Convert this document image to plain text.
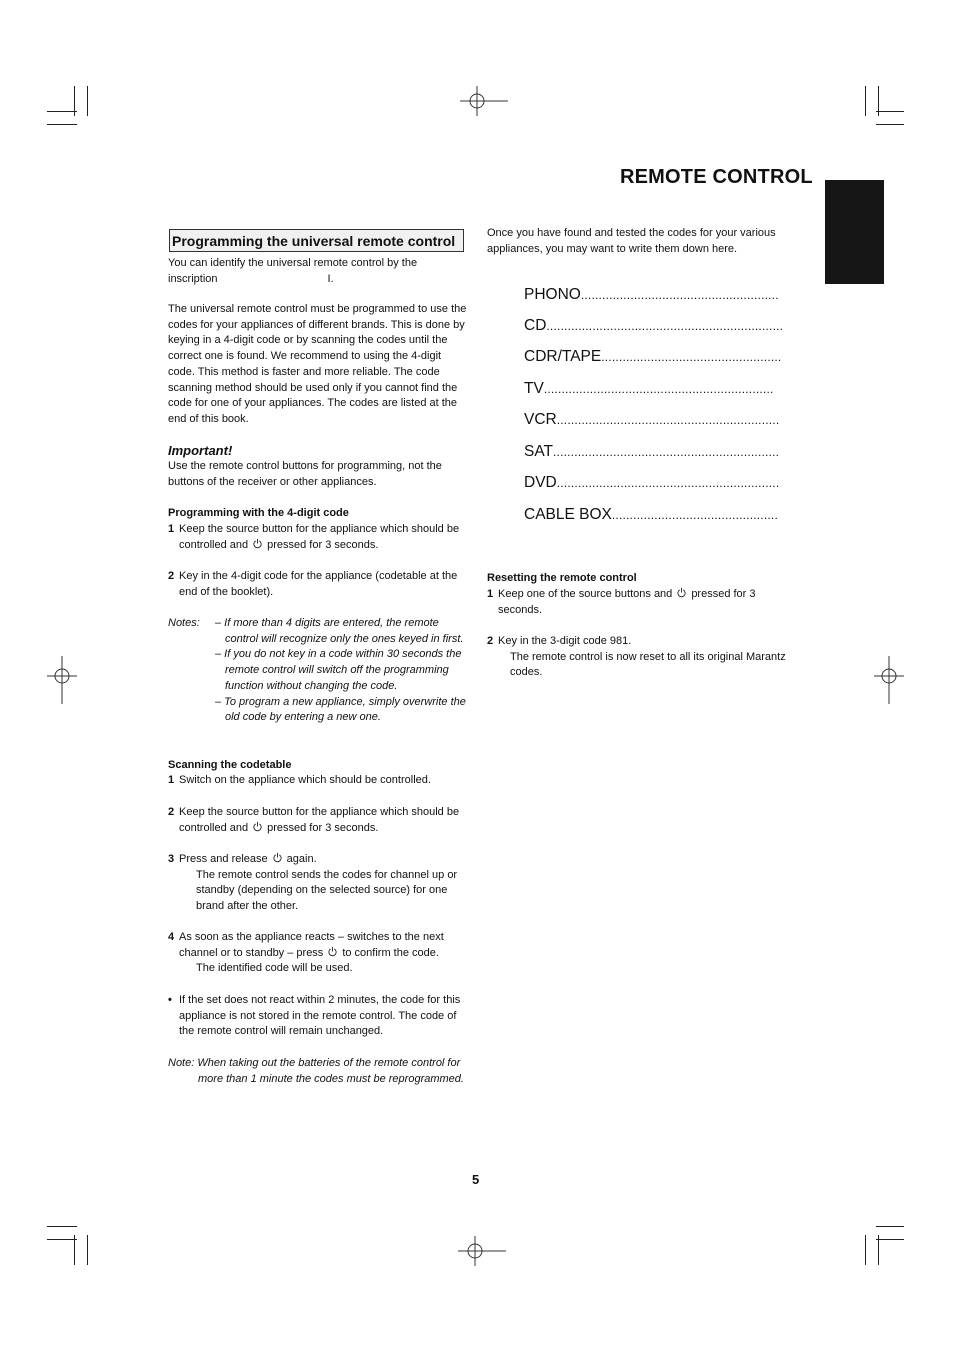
REMOTE CONTROL
Programming the universal remote control
You can identify the universal remote control by the
inscription	I.
The universal remote control must be programmed to use the
codes for your appliances of different brands. This is done by
keying in a 4-digit code or by scanning the codes until the
correct one is found. We recommend to using the 4-digit
code. This method is faster and more reliable. The code
scanning method should be used only if you cannot find the
code for one of your appliances. The codes are listed at the
end of this book.
Important!
Use the remote control buttons for programming, not the
buttons of the receiver or other appliances.
Programming with the 4-digit code
1 Keep the source button for the appliance which should be
controlled and pressed for 3 seconds.
2 Key in the 4-digit code for the appliance (codetable at the
end of the booklet).
Notes: – If more than 4 digits are entered, the remote
control will recognize only the ones keyed in first.
– If you do not key in a code within 30 seconds the
remote control will switch off the programming
function without changing the code.
– To program a new appliance, simply overwrite the
old code by entering a new one.
Scanning the codetable
1 Switch on the appliance which should be controlled.
2 Keep the source button for the appliance which should be
controlled and pressed for 3 seconds.
3 Press and release again.
The remote control sends the codes for channel up or
standby (depending on the selected source) for one
brand after the other.
4 As soon as the appliance reacts – switches to the next
channel or to standby – press to confirm the code.
The identified code will be used.
• If the set does not react within 2 minutes, the code for this
appliance is not stored in the remote control. The code of
the remote control will remain unchanged.
Note: When taking out the batteries of the remote control for
more than 1 minute the codes must be reprogrammed.
Once you have found and tested the codes for your various
appliances, you may want to write them down here.
PHONO ........................................................
CD ...................................................................
CDR/TAPE ...................................................
TV .................................................................
VCR ...............................................................
SAT ................................................................
DVD ...............................................................
CABLE BOX ...............................................
Resetting the remote control
1 Keep one of the source buttons and pressed for 3
seconds.
2 Key in the 3-digit code 981.
The remote control is now reset to all its original Marantz
codes.
5
